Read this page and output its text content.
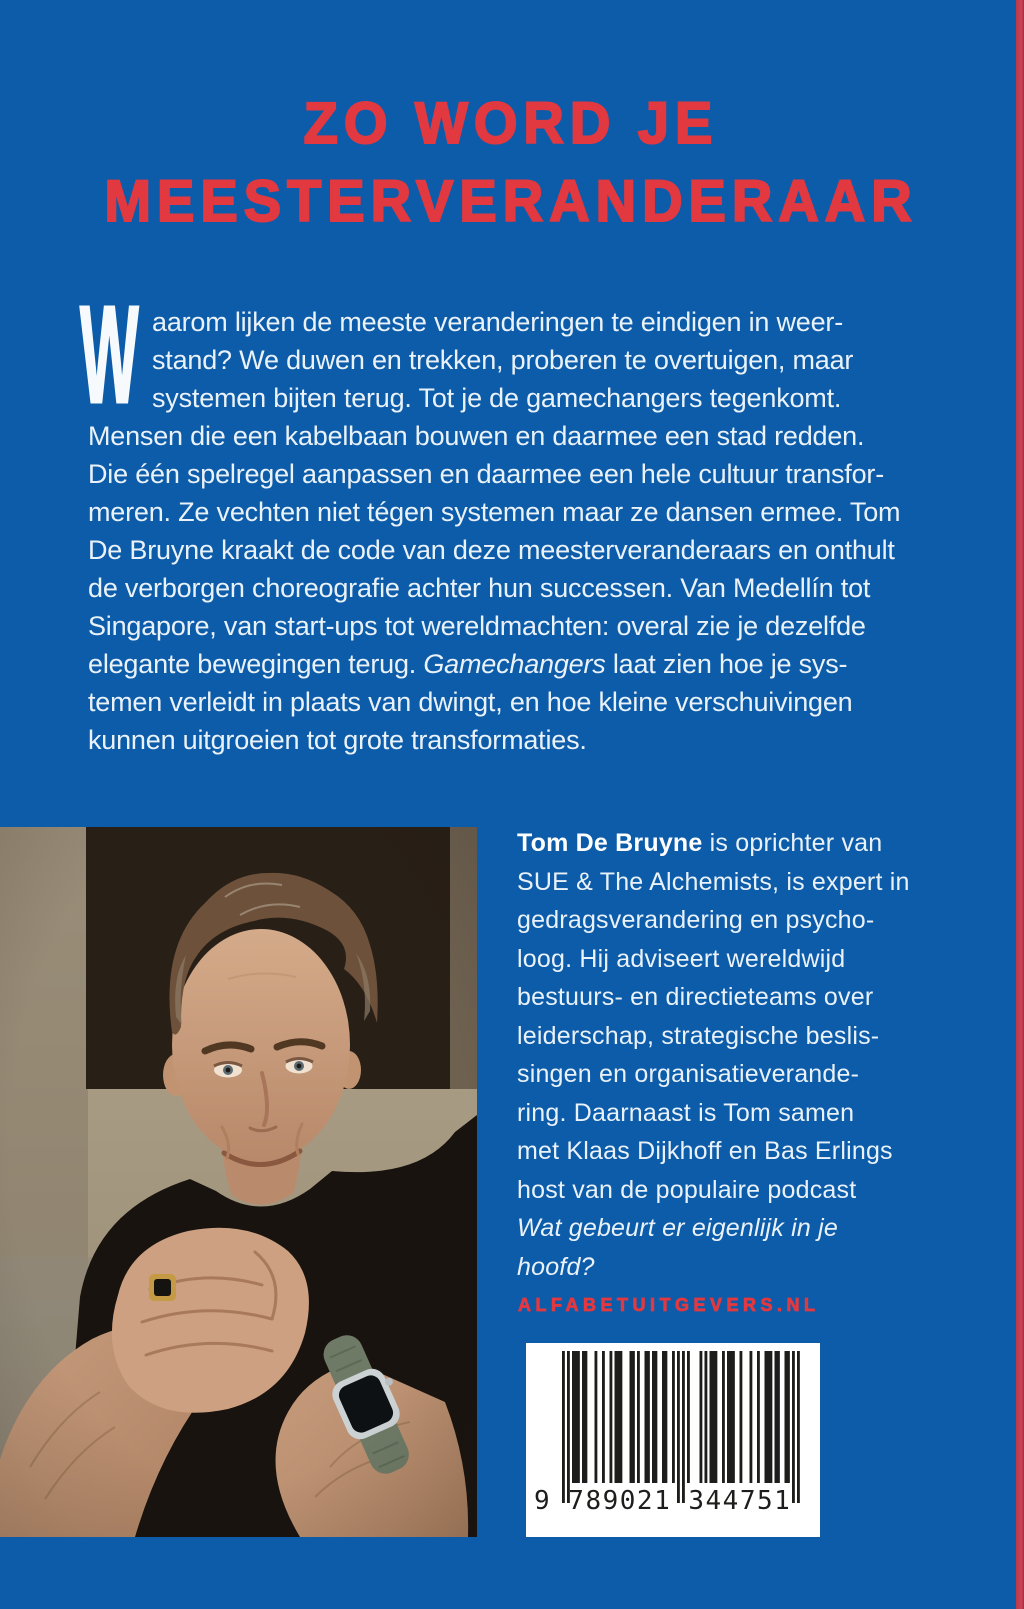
ZO WORD JE
MEESTERVERANDERAAR
W aarom lijken de meeste veranderingen te eindigen in weer-
stand? We duwen en trekken, proberen te overtuigen, maar
systemen bijten terug. Tot je de gamechangers tegenkomt.
Mensen die een kabelbaan bouwen en daarmee een stad redden.
Die één spelregel aanpassen en daarmee een hele cultuur transfor-
meren. Ze vechten niet tégen systemen maar ze dansen ermee. Tom
De Bruyne kraakt de code van deze meesterveranderaars en onthult
de verborgen choreografie achter hun successen. Van Medellín tot
Singapore, van start-ups tot wereldmachten: overal zie je dezelfde
elegante bewegingen terug. Gamechangers laat zien hoe je sys-
temen verleidt in plaats van dwingt, en hoe kleine verschuivingen
kunnen uitgroeien tot grote transformaties.
Tom De Bruyne is oprichter van
SUE & The Alchemists, is expert in
gedragsverandering en psycho-
loog. Hij adviseert wereldwijd
bestuurs- en directieteams over
leiderschap, strategische beslis-
singen en organisatieverande-
ring. Daarnaast is Tom samen
met Klaas Dijkhoff en Bas Erlings
host van de populaire podcast
Wat gebeurt er eigenlijk in je
hoofd?
ALFABETUITGEVERS.NL
9 789021 344751
